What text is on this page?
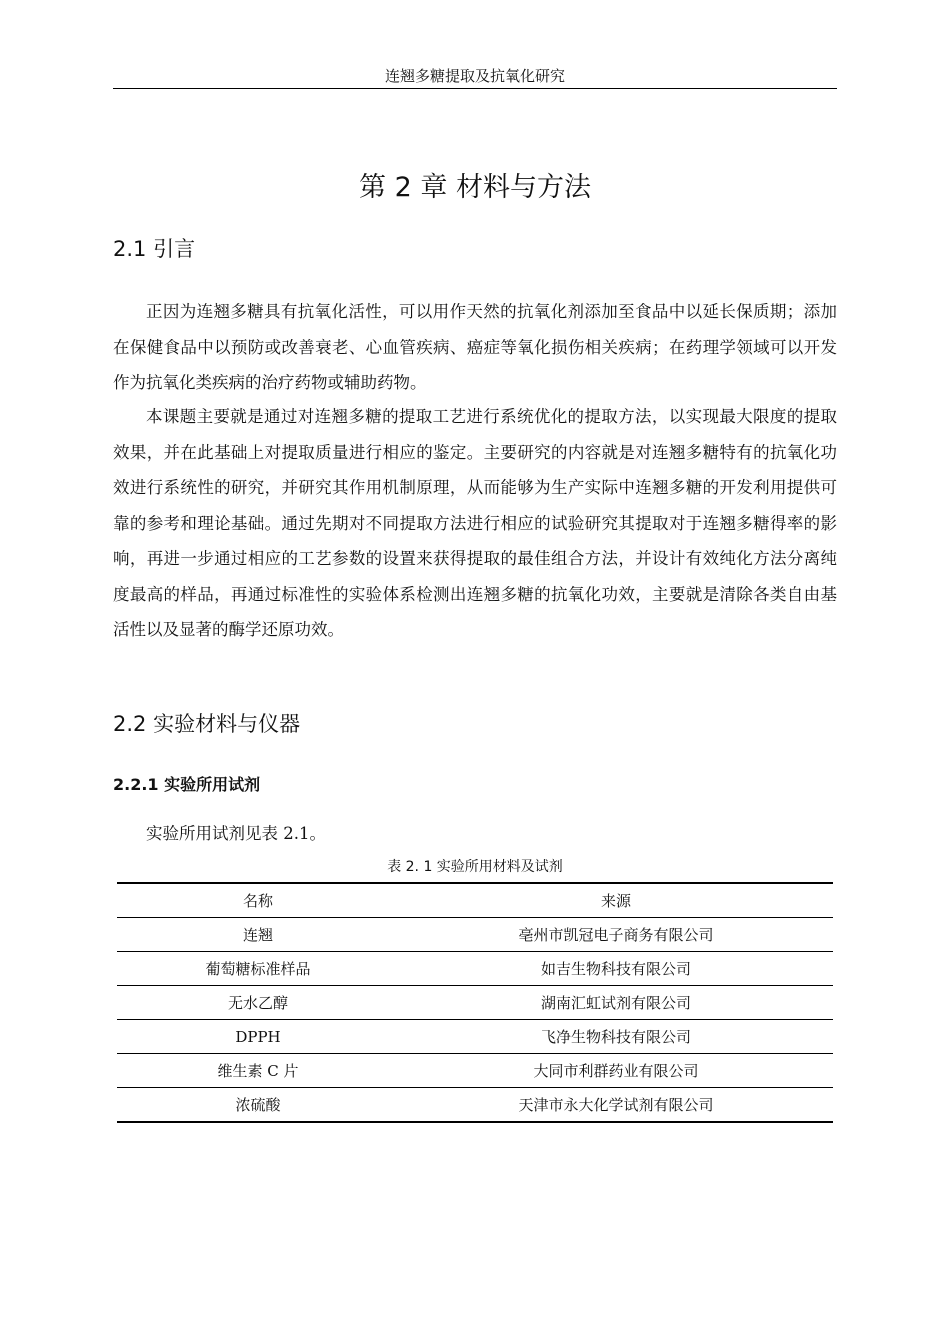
连翘多糖提取及抗氧化研究
第 2 章 材料与方法
2.1 引言

正因为连翘多糖具有抗氧化活性，可以用作天然的抗氧化剂添加至食品中以延长保质期；添加在保健食品中以预防或改善衰老、心血管疾病、癌症等氧化损伤相关疾病；在药理学领域可以开发作为抗氧化类疾病的治疗药物或辅助药物。

本课题主要就是通过对连翘多糖的提取工艺进行系统优化的提取方法，以实现最大限度的提取效果，并在此基础上对提取质量进行相应的鉴定。主要研究的内容就是对连翘多糖特有的抗氧化功效进行系统性的研究，并研究其作用机制原理，从而能够为生产实际中连翘多糖的开发利用提供可靠的参考和理论基础。通过先期对不同提取方法进行相应的试验研究其提取对于连翘多糖得率的影响，再进一步通过相应的工艺参数的设置来获得提取的最佳组合方法，并设计有效纯化方法分离纯度最高的样品，再通过标准性的实验体系检测出连翘多糖的抗氧化功效，主要就是清除各类自由基活性以及显著的酶学还原功效。

2.2 实验材料与仪器
2.2.1 实验所用试剂

实验所用试剂见表 2.1。

表 2. 1 实验所用材料及试剂
名称	来源
连翘	亳州市凯冠电子商务有限公司
葡萄糖标准样品	如吉生物科技有限公司
无水乙醇	湖南汇虹试剂有限公司
DPPH	飞净生物科技有限公司
维生素 C 片	大同市利群药业有限公司
浓硫酸	天津市永大化学试剂有限公司
